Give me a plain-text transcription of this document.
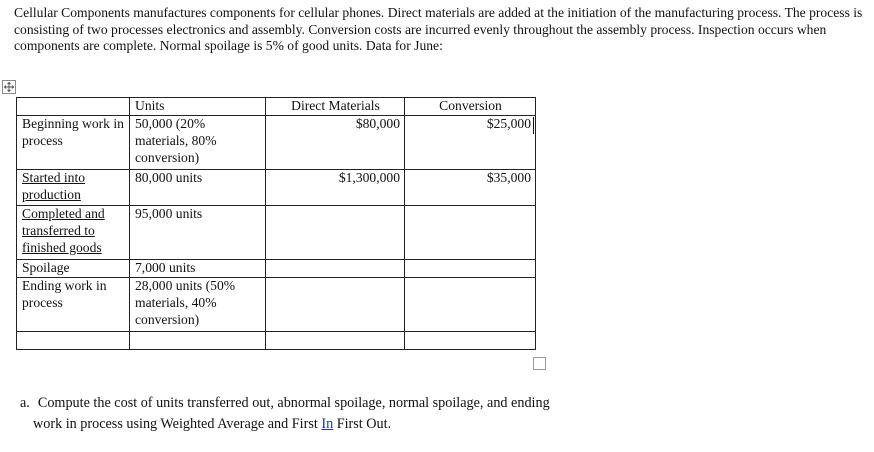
Cellular Components manufactures components for cellular phones. Direct materials are added at the initiation of the manufacturing process. The process is consisting of two processes electronics and assembly. Conversion costs are incurred evenly throughout the assembly process. Inspection occurs when components are complete. Normal spoilage is 5% of good units. Data for June:

	Units	Direct Materials	Conversion
Beginning work in process	50,000 (20% materials, 80% conversion)	$80,000	$25,000
Started into production	80,000 units	$1,300,000	$35,000
Completed and transferred to finished goods	95,000 units		
Spoilage	7,000 units		
Ending work in process	28,000 units (50% materials, 40% conversion)		

a. Compute the cost of units transferred out, abnormal spoilage, normal spoilage, and ending
work in process using Weighted Average and First In First Out.
